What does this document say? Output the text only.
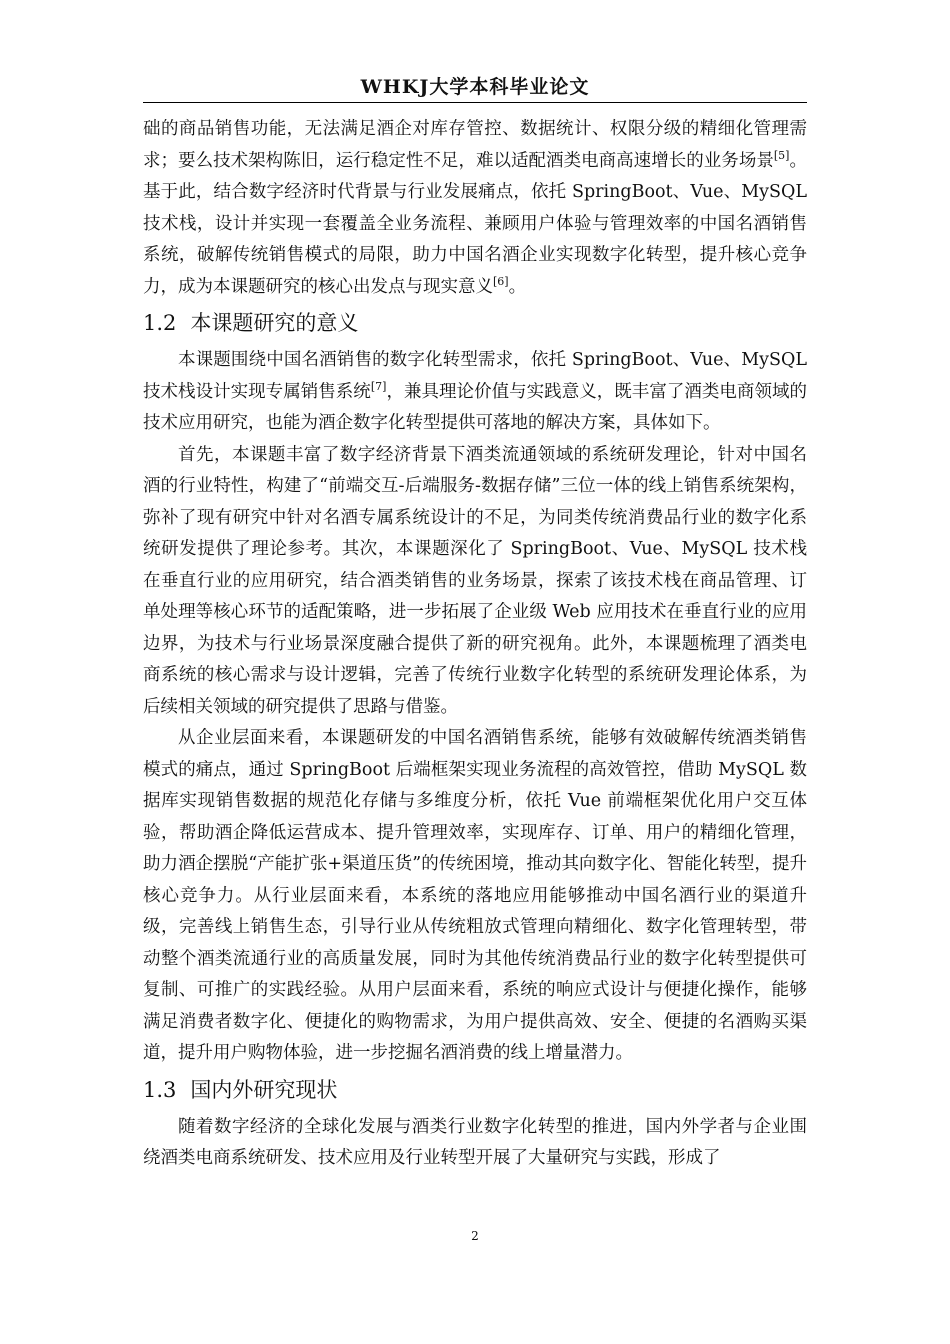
WHKJ大学本科毕业论文

础的商品销售功能，无法满足酒企对库存管控、数据统计、权限分级的精细化管理需求；要么技术架构陈旧，运行稳定性不足，难以适配酒类电商高速增长的业务场景[5]。基于此，结合数字经济时代背景与行业发展痛点，依托 SpringBoot、Vue、MySQL 技术栈，设计并实现一套覆盖全业务流程、兼顾用户体验与管理效率的中国名酒销售系统，破解传统销售模式的局限，助力中国名酒企业实现数字化转型，提升核心竞争力，成为本课题研究的核心出发点与现实意义[6]。

1.2 本课题研究的意义

本课题围绕中国名酒销售的数字化转型需求，依托 SpringBoot、Vue、MySQL 技术栈设计实现专属销售系统[7]，兼具理论价值与实践意义，既丰富了酒类电商领域的技术应用研究，也能为酒企数字化转型提供可落地的解决方案，具体如下。

首先，本课题丰富了数字经济背景下酒类流通领域的系统研发理论，针对中国名酒的行业特性，构建了“前端交互-后端服务-数据存储”三位一体的线上销售系统架构，弥补了现有研究中针对名酒专属系统设计的不足，为同类传统消费品行业的数字化系统研发提供了理论参考。其次，本课题深化了 SpringBoot、Vue、MySQL 技术栈在垂直行业的应用研究，结合酒类销售的业务场景，探索了该技术栈在商品管理、订单处理等核心环节的适配策略，进一步拓展了企业级 Web 应用技术在垂直行业的应用边界，为技术与行业场景深度融合提供了新的研究视角。此外，本课题梳理了酒类电商系统的核心需求与设计逻辑，完善了传统行业数字化转型的系统研发理论体系，为后续相关领域的研究提供了思路与借鉴。

从企业层面来看，本课题研发的中国名酒销售系统，能够有效破解传统酒类销售模式的痛点，通过 SpringBoot 后端框架实现业务流程的高效管控，借助 MySQL 数据库实现销售数据的规范化存储与多维度分析，依托 Vue 前端框架优化用户交互体验，帮助酒企降低运营成本、提升管理效率，实现库存、订单、用户的精细化管理，助力酒企摆脱“产能扩张+渠道压货”的传统困境，推动其向数字化、智能化转型，提升核心竞争力。从行业层面来看，本系统的落地应用能够推动中国名酒行业的渠道升级，完善线上销售生态，引导行业从传统粗放式管理向精细化、数字化管理转型，带动整个酒类流通行业的高质量发展，同时为其他传统消费品行业的数字化转型提供可复制、可推广的实践经验。从用户层面来看，系统的响应式设计与便捷化操作，能够满足消费者数字化、便捷化的购物需求，为用户提供高效、安全、便捷的名酒购买渠道，提升用户购物体验，进一步挖掘名酒消费的线上增量潜力。

1.3 国内外研究现状

随着数字经济的全球化发展与酒类行业数字化转型的推进，国内外学者与企业围绕酒类电商系统研发、技术应用及行业转型开展了大量研究与实践，形成了

2
